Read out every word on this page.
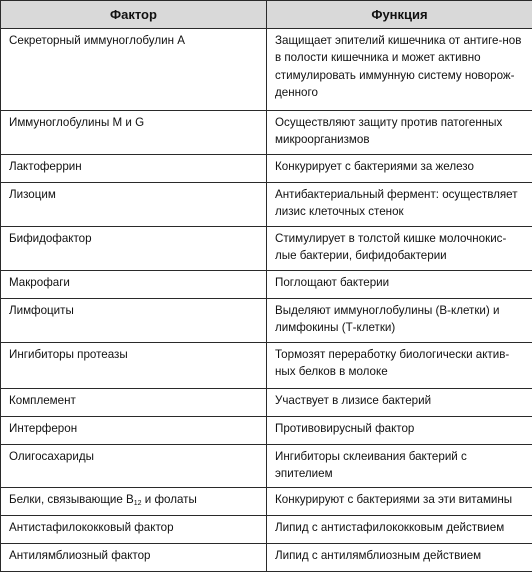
Фактор	Функция
Секреторный иммуноглобулин А	Защищает эпителий кишечника от антиге-нов в полости кишечника и может активно стимулировать иммунную систему новорож-денного
Иммуноглобулины М и G	Осуществляют защиту против патогенных микроорганизмов
Лактоферрин	Конкурирует с бактериями за железо
Лизоцим	Антибактериальный фермент: осуществляет лизис клеточных стенок
Бифидофактор	Стимулирует в толстой кишке молочнокис-лые бактерии, бифидобактерии
Макрофаги	Поглощают бактерии
Лимфоциты	Выделяют иммуноглобулины (В-клетки) и лимфокины (Т-клетки)
Ингибиторы протеазы	Тормозят переработку биологически актив-ных белков в молоке
Комплемент	Участвует в лизисе бактерий
Интерферон	Противовирусный фактор
Олигосахариды	Ингибиторы склеивания бактерий с эпителием
Белки, связывающие $В_{12}$ и фолаты	Конкурируют с бактериями за эти витамины
Антистафилококковый фактор	Липид с антистафилококковым действием
Антилямблиозный фактор	Липид с антилямблиозным действием
